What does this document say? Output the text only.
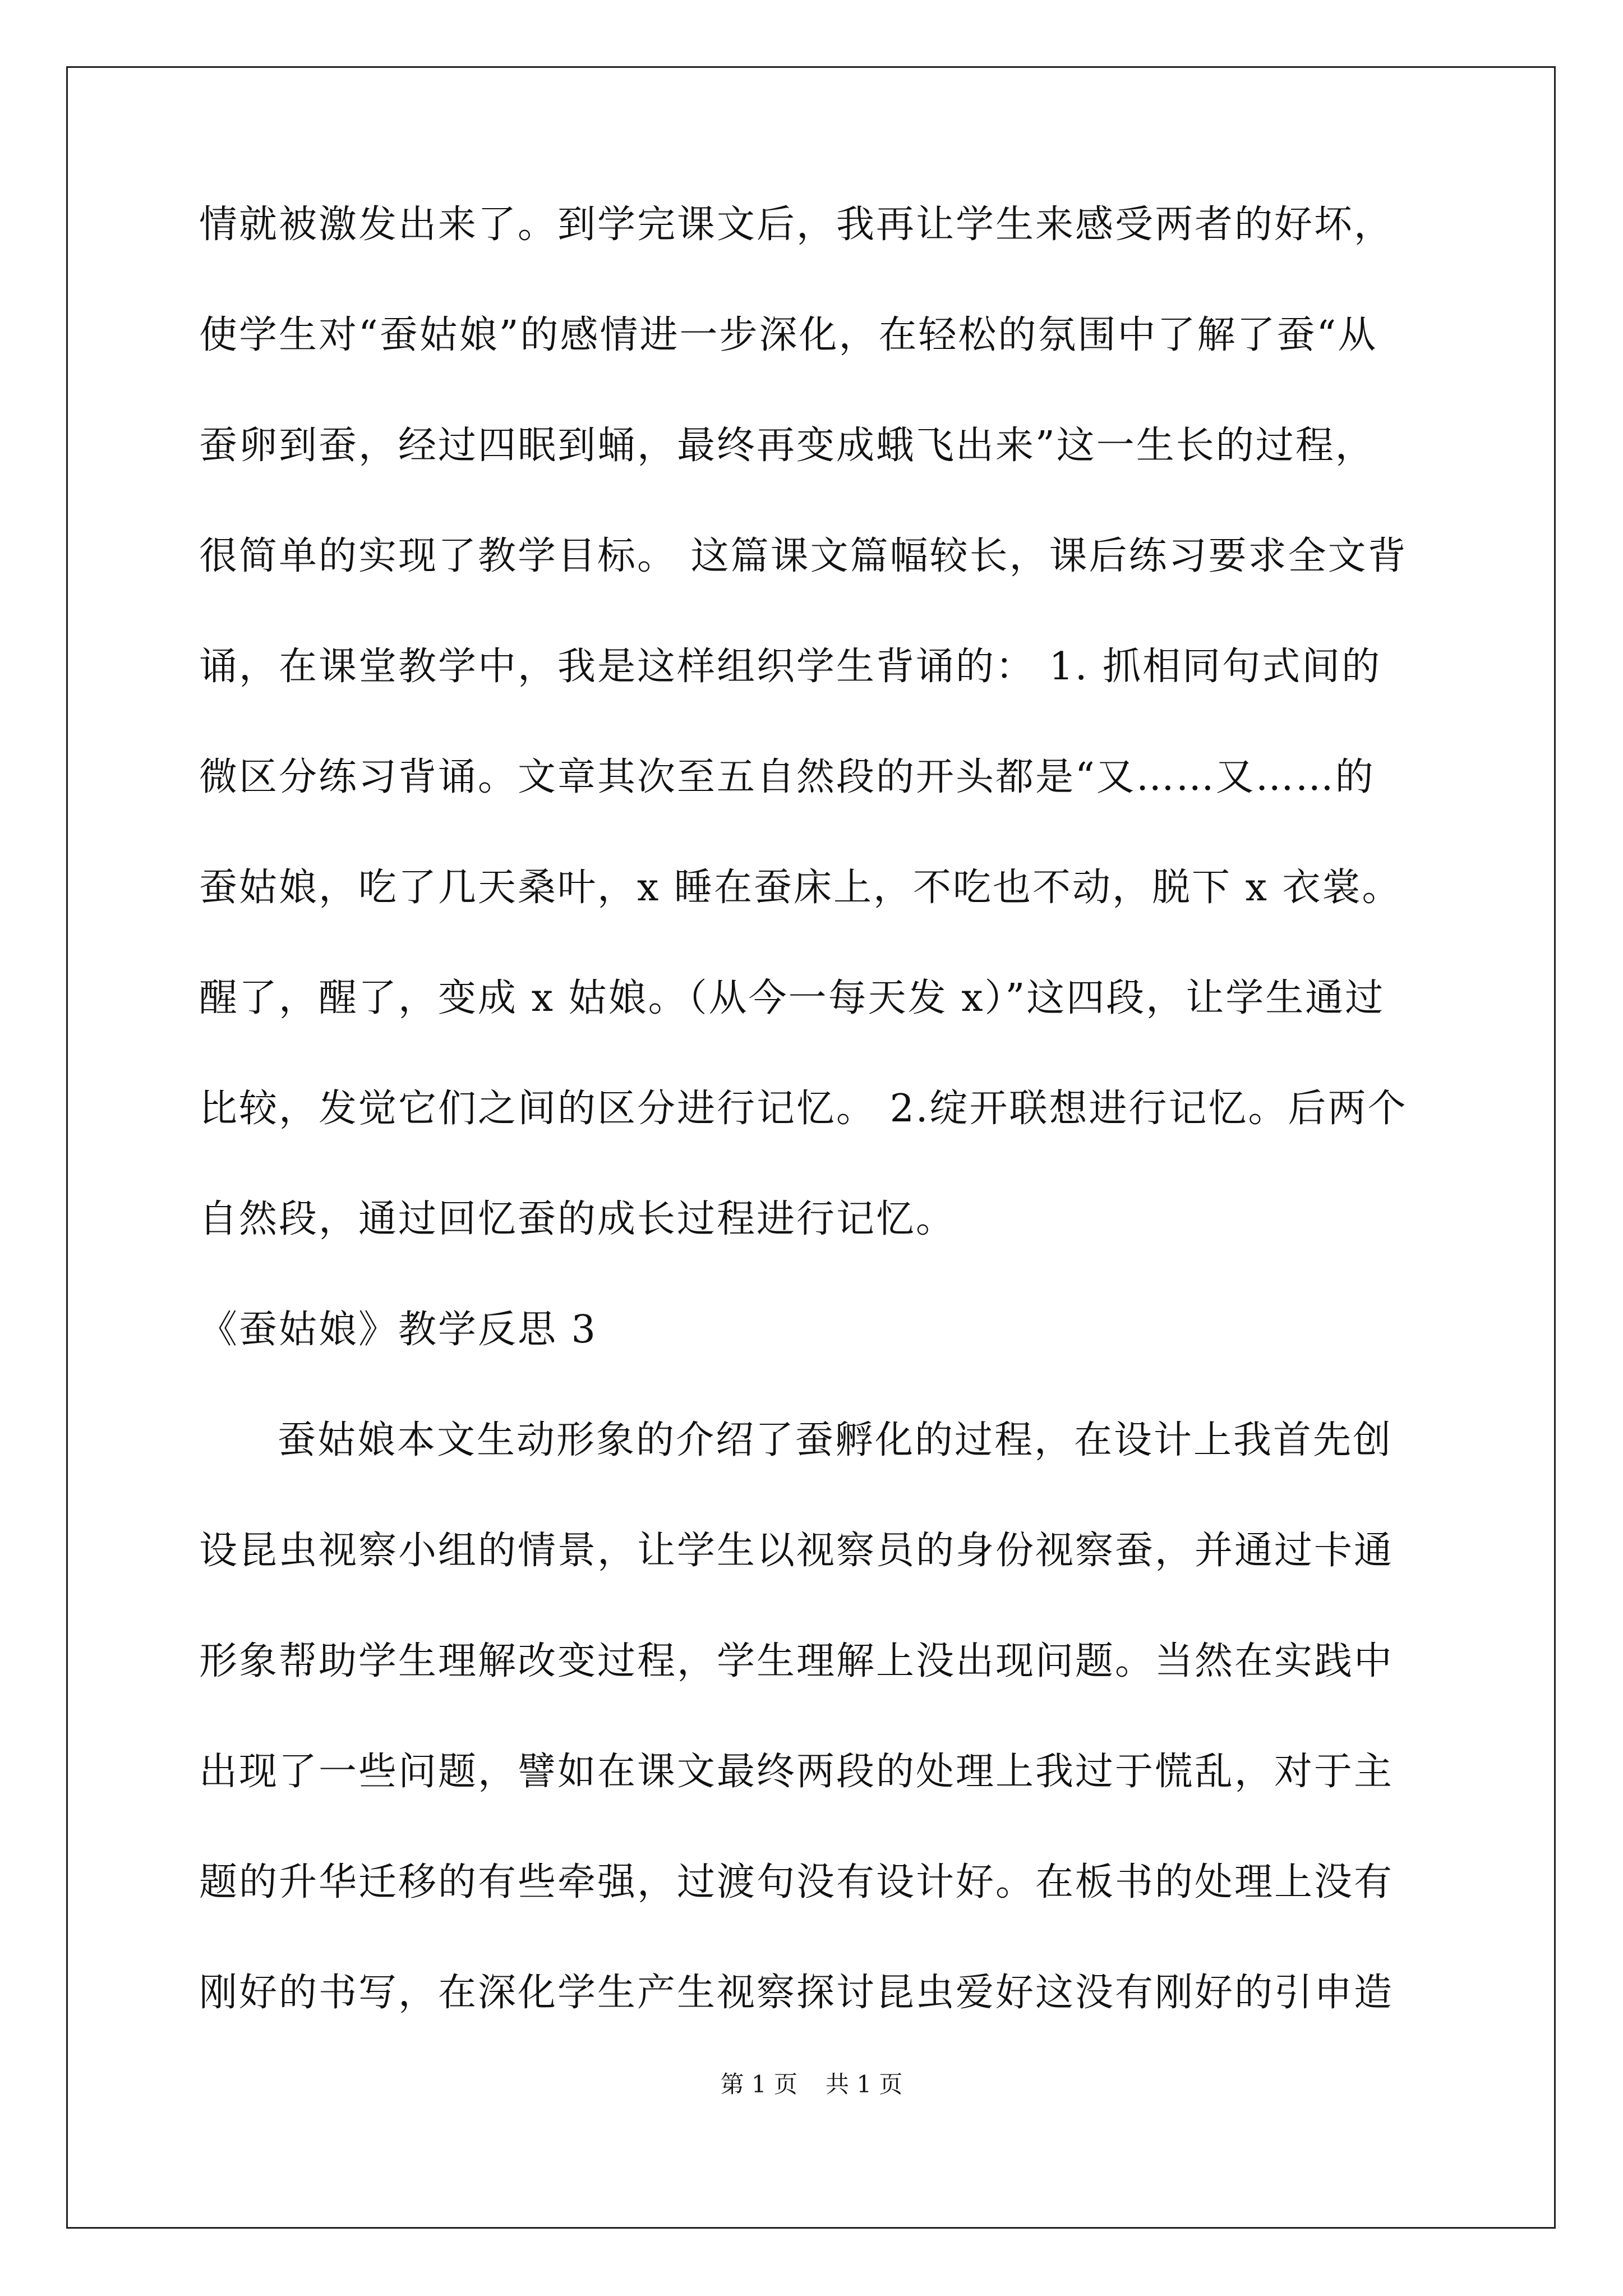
情就被激发出来了。到学完课文后，我再让学生来感受两者的好坏，
使学生对“蚕姑娘”的感情进一步深化，在轻松的氛围中了解了蚕“从
蚕卵到蚕，经过四眠到蛹，最终再变成蛾飞出来”这一生长的过程，
很简单的实现了教学目标。 这篇课文篇幅较长，课后练习要求全文背
诵，在课堂教学中，我是这样组织学生背诵的： 1. 抓相同句式间的
微区分练习背诵。文章其次至五自然段的开头都是“又……又……的
蚕姑娘，吃了几天桑叶，x 睡在蚕床上，不吃也不动，脱下 x 衣裳。
醒了，醒了，变成 x 姑娘。（从今一每天发 x）”这四段，让学生通过
比较，发觉它们之间的区分进行记忆。 2.绽开联想进行记忆。后两个
自然段，通过回忆蚕的成长过程进行记忆。
《蚕姑娘》教学反思 3
蚕姑娘本文生动形象的介绍了蚕孵化的过程，在设计上我首先创
设昆虫视察小组的情景，让学生以视察员的身份视察蚕，并通过卡通
形象帮助学生理解改变过程，学生理解上没出现问题。当然在实践中
出现了一些问题，譬如在课文最终两段的处理上我过于慌乱，对于主
题的升华迁移的有些牵强，过渡句没有设计好。在板书的处理上没有
刚好的书写，在深化学生产生视察探讨昆虫爱好这没有刚好的引申造
第 1 页 共 1 页
